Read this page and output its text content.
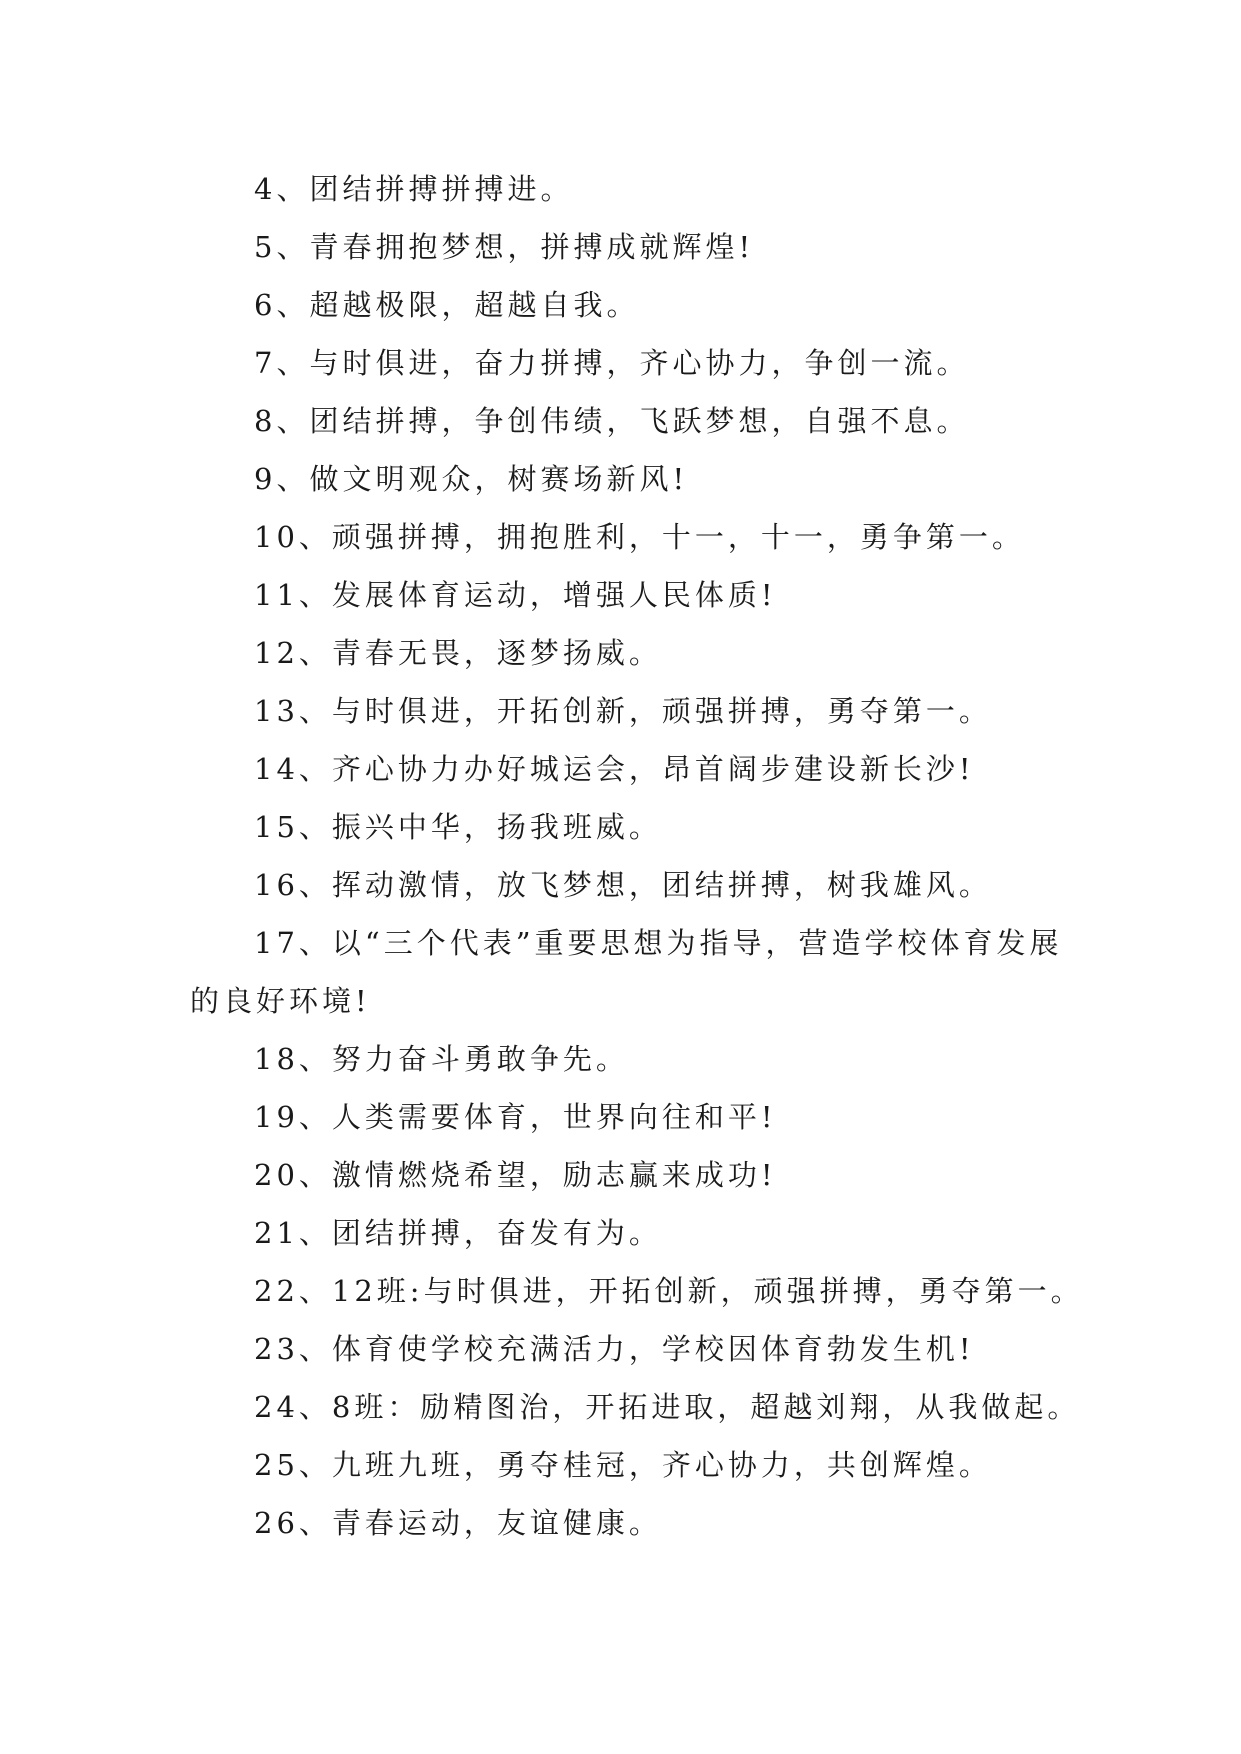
4、团结拼搏拼搏进。

5、青春拥抱梦想，拼搏成就辉煌!

6、超越极限，超越自我。

7、与时俱进，奋力拼搏，齐心协力，争创一流。

8、团结拼搏，争创伟绩，飞跃梦想，自强不息。

9、做文明观众，树赛场新风!

10、顽强拼搏，拥抱胜利，十一，十一，勇争第一。

11、发展体育运动，增强人民体质!

12、青春无畏，逐梦扬威。

13、与时俱进，开拓创新，顽强拼搏，勇夺第一。

14、齐心协力办好城运会，昂首阔步建设新长沙!

15、振兴中华，扬我班威。

16、挥动激情，放飞梦想，团结拼搏，树我雄风。

17、以“三个代表”重要思想为指导，营造学校体育发展的良好环境!

18、努力奋斗勇敢争先。

19、人类需要体育，世界向往和平!

20、激情燃烧希望，励志赢来成功!

21、团结拼搏，奋发有为。

22、12班:与时俱进，开拓创新，顽强拼搏，勇夺第一。

23、体育使学校充满活力，学校因体育勃发生机!

24、8班：励精图治，开拓进取，超越刘翔，从我做起。

25、九班九班，勇夺桂冠，齐心协力，共创辉煌。

26、青春运动，友谊健康。
